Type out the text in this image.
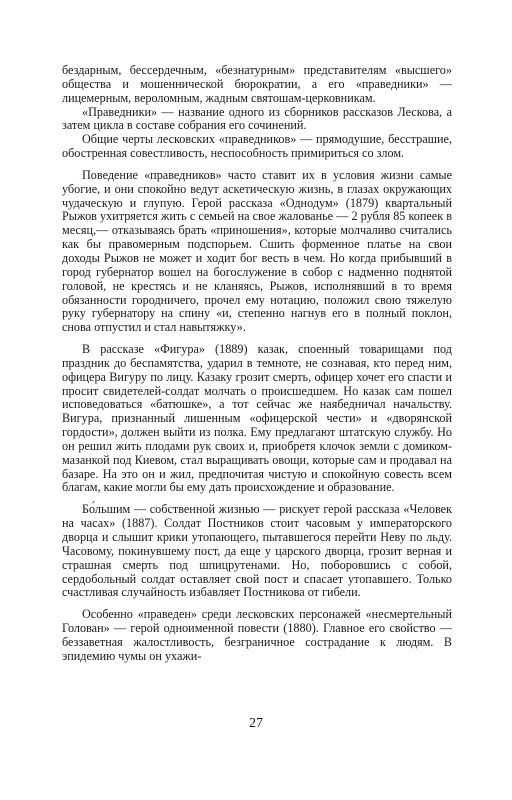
бездарным, бессердечным, «безнатурным» представителям «высшего» общества и мошеннической бюрократии, а его «праведники» — лицемерным, вероломным, жадным святошам-церковникам.

«Праведники» — название одного из сборников рассказов Лескова, а затем цикла в составе собрания его сочинений.

Общие черты лесковских «праведников» — прямодушие, бесстрашие, обостренная совестливость, неспособность примириться со злом.

Поведение «праведников» часто ставит их в условия жизни самые убогие, и они спокойно ведут аскетическую жизнь, в глазах окружающих чудаческую и глупую. Герой рассказа «Однодум» (1879) квартальный Рыжов ухитряется жить с семьей на свое жалованье — 2 рубля 85 копеек в месяц,— отказываясь брать «приношения», которые молчаливо считались как бы правомерным подспорьем. Сшить форменное платье на свои доходы Рыжов не может и ходит бог весть в чем. Но когда прибывший в город губернатор вошел на богослужение в собор с надменно поднятой головой, не крестясь и не кланяясь, Рыжов, исполнявший в то время обязанности городничего, прочел ему нотацию, положил свою тяжелую руку губернатору на спину «и, степенно нагнув его в полный поклон, снова отпустил и стал навытяжку».

В рассказе «Фигура» (1889) казак, споенный товарищами под праздник до беспамятства, ударил в темноте, не сознавая, кто перед ним, офицера Вигуру по лицу. Казаку грозит смерть, офицер хочет его спасти и просит свидетелей-солдат молчать о происшедшем. Но казак сам пошел исповедоваться «батюшке», а тот сейчас же наябедничал начальству. Вигура, признанный лишенным «офицерской чести» и «дворянской гордости», должен выйти из полка. Ему предлагают штатскую службу. Но он решил жить плодами рук своих и, приобретя клочок земли с домиком-мазанкой под Киевом, стал выращивать овощи, которые сам и продавал на базаре. На это он и жил, предпочитая чистую и спокойную совесть всем благам, какие могли бы ему дать происхождение и образование.

Бо́льшим — собственной жизнью — рискует герой рассказа «Человек на часах» (1887). Солдат Постников стоит часовым у императорского дворца и слышит крики утопающего, пытавшегося перейти Неву по льду. Часовому, покинувшему пост, да еще у царского дворца, грозит верная и страшная смерть под шпицрутенами. Но, поборовшись с собой, сердобольный солдат оставляет свой пост и спасает утопавшего. Только счастливая случайность избавляет Постникова от гибели.

Особенно «праведен» среди лесковских персонажей «несмертельный Голован» — герой одноименной повести (1880). Главное его свойство — беззаветная жалостливость, безграничное сострадание к людям. В эпидемию чумы он ухажи-

27
